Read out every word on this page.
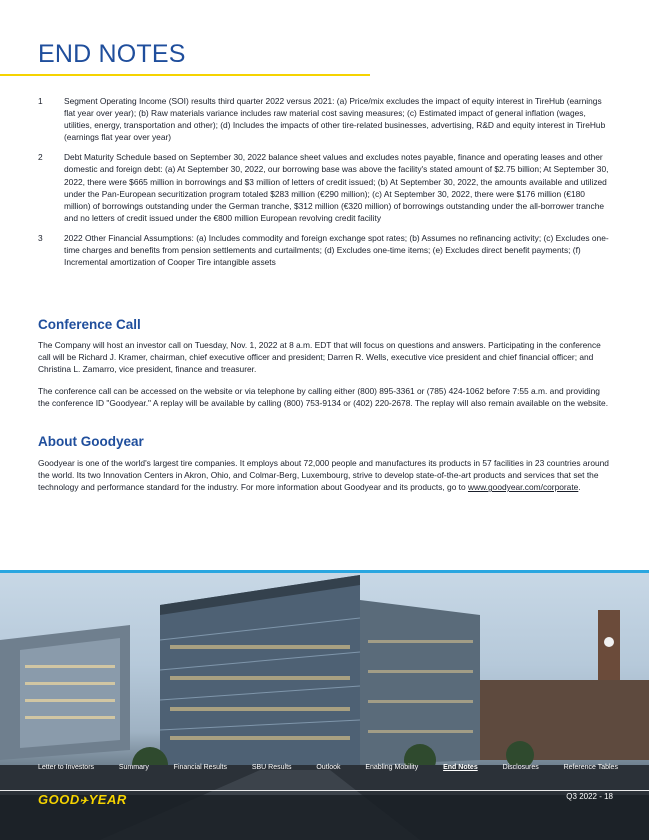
END NOTES
1	Segment Operating Income (SOI) results third quarter 2022 versus 2021: (a) Price/mix excludes the impact of equity interest in TireHub (earnings flat year over year); (b) Raw materials variance includes raw material cost saving measures; (c) Estimated impact of general inflation (wages, utilities, energy, transportation and other); (d) Includes the impacts of other tire-related businesses, advertising, R&D and equity interest in TireHub (earnings flat year over year)
2	Debt Maturity Schedule based on September 30, 2022 balance sheet values and excludes notes payable, finance and operating leases and other domestic and foreign debt: (a) At September 30, 2022, our borrowing base was above the facility's stated amount of $2.75 billion; At September 30, 2022, there were $665 million in borrowings and $3 million of letters of credit issued; (b) At September 30, 2022, the amounts available and utilized under the Pan-European securitization program totaled $283 million (€290 million); (c) At September 30, 2022, there were $176 million (€180 million) of borrowings outstanding under the German tranche, $312 million (€320 million) of borrowings outstanding under the all-borrower tranche and no letters of credit issued under the €800 million European revolving credit facility
3	2022 Other Financial Assumptions: (a) Includes commodity and foreign exchange spot rates; (b) Assumes no refinancing activity; (c) Excludes one-time charges and benefits from pension settlements and curtailments; (d) Excludes one-time items; (e) Excludes direct benefit payments; (f) Incremental amortization of Cooper Tire intangible assets
Conference Call
The Company will host an investor call on Tuesday, Nov. 1, 2022 at 8 a.m. EDT that will focus on questions and answers. Participating in the conference call will be Richard J. Kramer, chairman, chief executive officer and president; Darren R. Wells, executive vice president and chief financial officer; and Christina L. Zamarro, vice president, finance and treasurer.
The conference call can be accessed on the website or via telephone by calling either (800) 895-3361 or (785) 424-1062 before 7:55 a.m. and providing the conference ID "Goodyear." A replay will be available by calling (800) 753-9134 or (402) 220-2678. The replay will also remain available on the website.
About Goodyear
Goodyear is one of the world's largest tire companies. It employs about 72,000 people and manufactures its products in 57 facilities in 23 countries around the world. Its two Innovation Centers in Akron, Ohio, and Colmar-Berg, Luxembourg, strive to develop state-of-the-art products and services that set the technology and performance standard for the industry. For more information about Goodyear and its products, go to www.goodyear.com/corporate.
Letter to Investors	Summary	Financial Results	SBU Results	Outlook	Enabling Mobility	End Notes	Disclosures	Reference Tables
GOOD✈YEAR	Q3 2022 - 18
